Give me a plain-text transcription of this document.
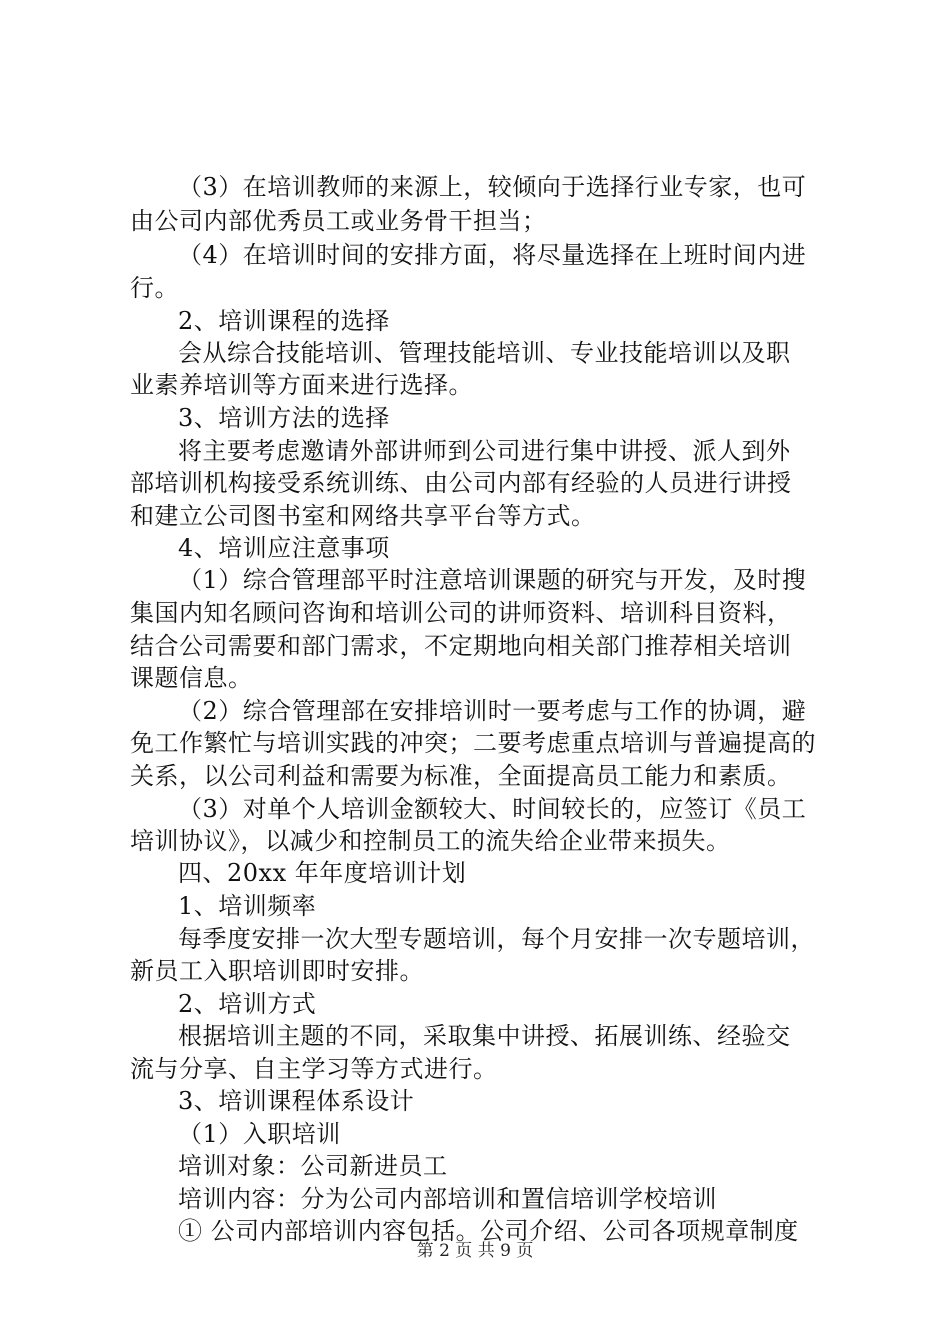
（3）在培训教师的来源上，较倾向于选择行业专家，也可
由公司内部优秀员工或业务骨干担当；
（4）在培训时间的安排方面，将尽量选择在上班时间内进
行。
2、培训课程的选择
会从综合技能培训、管理技能培训、专业技能培训以及职
业素养培训等方面来进行选择。
3、培训方法的选择
将主要考虑邀请外部讲师到公司进行集中讲授、派人到外
部培训机构接受系统训练、由公司内部有经验的人员进行讲授
和建立公司图书室和网络共享平台等方式。
4、培训应注意事项
（1）综合管理部平时注意培训课题的研究与开发，及时搜
集国内知名顾问咨询和培训公司的讲师资料、培训科目资料，
结合公司需要和部门需求，不定期地向相关部门推荐相关培训
课题信息。
（2）综合管理部在安排培训时一要考虑与工作的协调，避
免工作繁忙与培训实践的冲突；二要考虑重点培训与普遍提高的
关系，以公司利益和需要为标准，全面提高员工能力和素质。
（3）对单个人培训金额较大、时间较长的，应签订《员工
培训协议》，以减少和控制员工的流失给企业带来损失。
四、20xx 年年度培训计划
1、培训频率
每季度安排一次大型专题培训，每个月安排一次专题培训，
新员工入职培训即时安排。
2、培训方式
根据培训主题的不同，采取集中讲授、拓展训练、经验交
流与分享、自主学习等方式进行。
3、培训课程体系设计
（1）入职培训
培训对象：公司新进员工
培训内容：分为公司内部培训和置信培训学校培训
① 公司内部培训内容包括。公司介绍、公司各项规章制度
第 2 页 共 9 页
